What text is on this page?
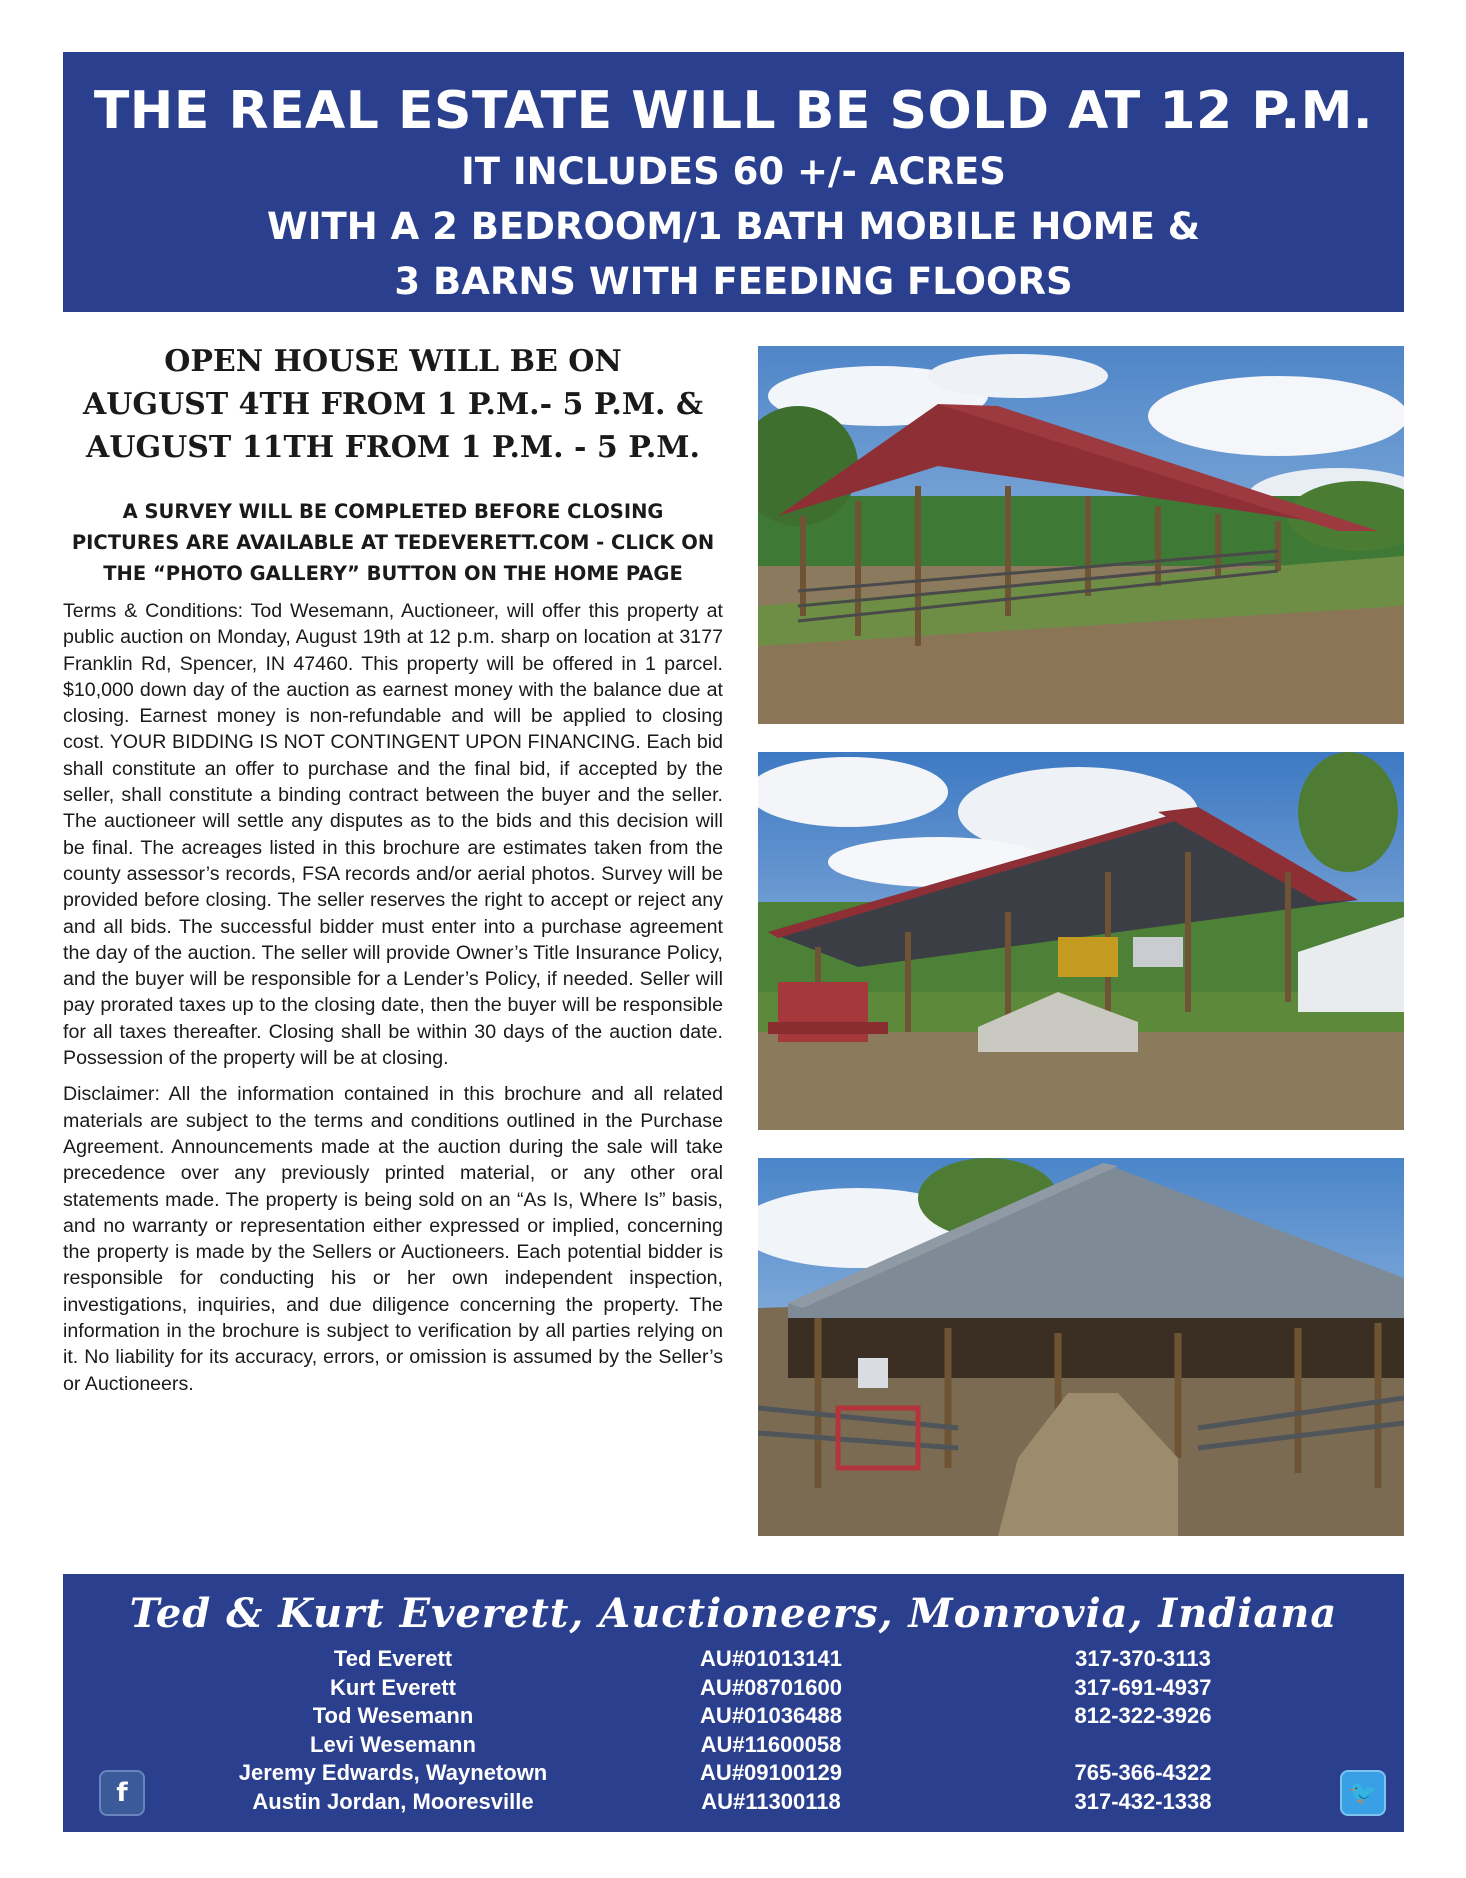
THE REAL ESTATE WILL BE SOLD AT 12 P.M.
IT INCLUDES 60 +/- ACRES
WITH A 2 BEDROOM/1 BATH MOBILE HOME &
3 BARNS WITH FEEDING FLOORS
OPEN HOUSE WILL BE ON
AUGUST 4TH FROM 1 P.M.- 5 P.M. &
AUGUST 11TH FROM 1 P.M. - 5 P.M.
A SURVEY WILL BE COMPLETED BEFORE CLOSING
PICTURES ARE AVAILABLE AT TEDEVERETT.COM - CLICK ON
THE “PHOTO GALLERY” BUTTON ON THE HOME PAGE

Terms & Conditions: Tod Wesemann, Auctioneer, will offer this property at public auction on Monday, August 19th at 12 p.m. sharp on location at 3177 Franklin Rd, Spencer, IN 47460. This property will be offered in 1 parcel. $10,000 down day of the auction as earnest money with the balance due at closing. Earnest money is non-refundable and will be applied to closing cost. YOUR BIDDING IS NOT CONTINGENT UPON FINANCING. Each bid shall constitute an offer to purchase and the final bid, if accepted by the seller, shall constitute a binding contract between the buyer and the seller. The auctioneer will settle any disputes as to the bids and this decision will be final. The acreages listed in this brochure are estimates taken from the county assessor’s records, FSA records and/or aerial photos. Survey will be provided before closing. The seller reserves the right to accept or reject any and all bids. The successful bidder must enter into a purchase agreement the day of the auction. The seller will provide Owner’s Title Insurance Policy, and the buyer will be responsible for a Lender’s Policy, if needed. Seller will pay prorated taxes up to the closing date, then the buyer will be responsible for all taxes thereafter. Closing shall be within 30 days of the auction date. Possession of the property will be at closing.

Disclaimer: All the information contained in this brochure and all related materials are subject to the terms and conditions outlined in the Purchase Agreement. Announcements made at the auction during the sale will take precedence over any previously printed material, or any other oral statements made. The property is being sold on an “As Is, Where Is” basis, and no warranty or representation either expressed or implied, concerning the property is made by the Sellers or Auctioneers. Each potential bidder is responsible for conducting his or her own independent inspection, investigations, inquiries, and due diligence concerning the property. The information in the brochure is subject to verification by all parties relying on it. No liability for its accuracy, errors, or omission is assumed by the Seller’s or Auctioneers.

Ted & Kurt Everett, Auctioneers, Monrovia, Indiana
Ted Everett	AU#01013141	317-370-3113
Kurt Everett	AU#08701600	317-691-4937
Tod Wesemann	AU#01036488	812-322-3926
Levi Wesemann	AU#11600058
Jeremy Edwards, Waynetown	AU#09100129	765-366-4322
Austin Jordan, Mooresville	AU#11300118	317-432-1338
f	🐦
